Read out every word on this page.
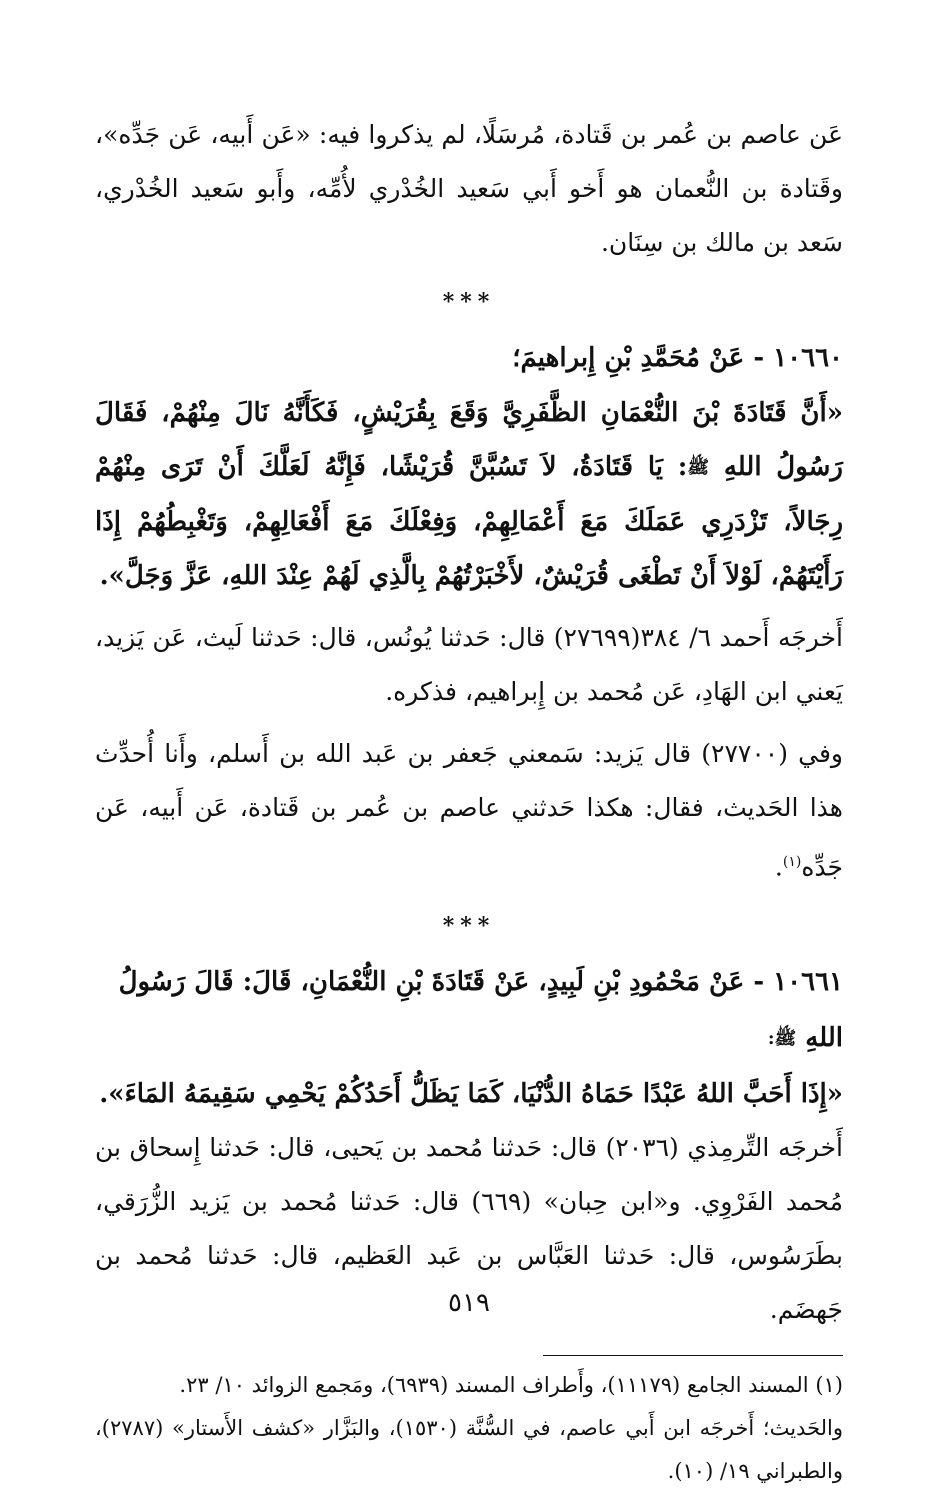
عَن عاصم بن عُمر بن قَتادة، مُرسَلًا، لم يذكروا فيه: «عَن أَبيه، عَن جَدِّه»، وقَتادة بن النُّعمان هو أَخو أَبي سَعيد الخُدْري لأُمِّه، وأَبو سَعيد الخُدْري، سَعد بن مالك بن سِنَان.

***

١٠٦٦٠ - عَنْ مُحَمَّدِ بْنِ إِبراهيمَ؛

«أَنَّ قَتَادَةَ بْنَ النُّعْمَانِ الظَّفَرِيَّ وَقَعَ بِقُرَيْشٍ، فَكَأَنَّهُ نَالَ مِنْهُمْ، فَقَالَ رَسُولُ اللهِ ﷺ: يَا قَتَادَةُ، لاَ تَسُبَّنَّ قُرَيْشًا، فَإِنَّهُ لَعَلَّكَ أَنْ تَرَى مِنْهُمْ رِجَالاً، تَزْدَرِي عَمَلَكَ مَعَ أَعْمَالِهِمْ، وَفِعْلَكَ مَعَ أَفْعَالِهِمْ، وَتَغْبِطُهُمْ إِذَا رَأَيْتَهُمْ، لَوْلاَ أَنْ تَطْغَى قُرَيْشٌ، لأَخْبَرْتُهُمْ بِالَّذِي لَهُمْ عِنْدَ اللهِ، عَزَّ وَجَلَّ».

أَخرجَه أَحمد ٦/ ٣٨٤(٢٧٦٩٩) قال: حَدثنا يُونُس، قال: حَدثنا لَيث، عَن يَزيد، يَعني ابن الهَادِ، عَن مُحمد بن إِبراهيم، فذكره.

وفي (٢٧٧٠٠) قال يَزيد: سَمعني جَعفر بن عَبد الله بن أَسلم، وأَنا أُحدِّث هذا الحَديث، فقال: هكذا حَدثني عاصم بن عُمر بن قَتادة، عَن أَبيه، عَن جَدِّه$^{(١)}$.

***

١٠٦٦١ - عَنْ مَحْمُودِ بْنِ لَبِيدٍ، عَنْ قَتَادَةَ بْنِ النُّعْمَانِ، قَالَ: قَالَ رَسُولُ اللهِ ﷺ:

«إِذَا أَحَبَّ اللهُ عَبْدًا حَمَاهُ الدُّنْيَا، كَمَا يَظَلُّ أَحَدُكُمْ يَحْمِي سَقِيمَهُ المَاءَ».

أَخرجَه التِّرمِذي (٢٠٣٦) قال: حَدثنا مُحمد بن يَحيى، قال: حَدثنا إِسحاق بن مُحمد الفَرْوِي. و«ابن حِبان» (٦٦٩) قال: حَدثنا مُحمد بن يَزيد الزُّرَقي، بطَرَسُوس، قال: حَدثنا العَبَّاس بن عَبد العَظيم، قال: حَدثنا مُحمد بن جَهضَم.

(١) المسند الجامع (١١١٧٩)، وأَطراف المسند (٦٩٣٩)، ومَجمع الزوائد ١٠/ ٢٣.

والحَديث؛ أَخرجَه ابن أَبي عاصم، في السُّنَّة (١٥٣٠)، والبَزَّار «كشف الأَستار» (٢٧٨٧)، والطبراني ١٩/ (١٠).

٥١٩
